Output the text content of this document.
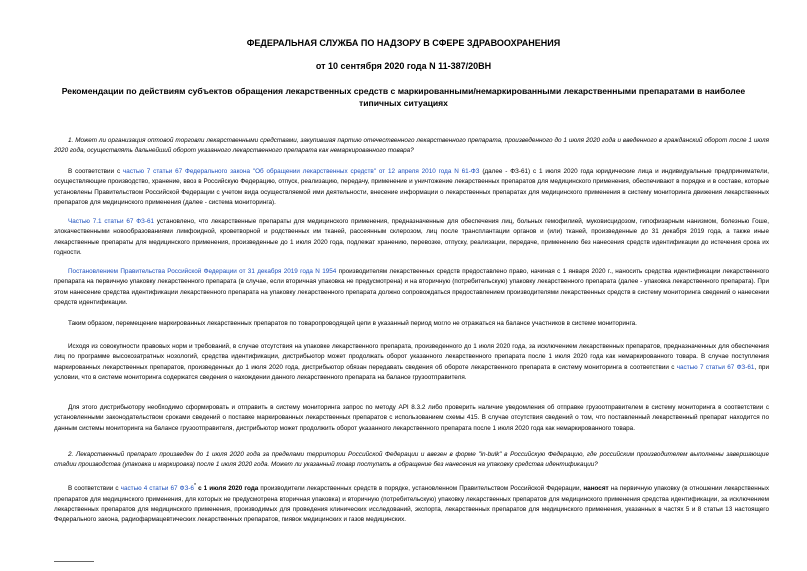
ФЕДЕРАЛЬНАЯ СЛУЖБА ПО НАДЗОРУ В СФЕРЕ ЗДРАВООХРАНЕНИЯ
от 10 сентября 2020 года N 11-387/20ВН
Рекомендации по действиям субъектов обращения лекарственных средств с маркированными/немаркированными лекарственными препаратами в наиболее
типичных ситуациях
1. Может ли организация оптовой торговли лекарственными средствами, закупившая партию отечественного лекарственного препарата, произведенного до 1 июля 2020 года и введенного в гражданский оборот после 1 июля 2020 года, осуществлять дальнейший оборот указанного лекарственного препарата как немаркированного товара?
В соответствии с частью 7 статьи 67 Федерального закона "Об обращении лекарственных средств" от 12 апреля 2010 года N 61-ФЗ (далее - ФЗ-61) с 1 июля 2020 года юридические лица и индивидуальные предприниматели, осуществляющие производство, хранение, ввоз в Российскую Федерацию, отпуск, реализацию, передачу, применение и уничтожение лекарственных препаратов для медицинского применения, обеспечивают в порядке и в составе, которые установлены Правительством Российской Федерации с учетом вида осуществляемой ими деятельности, внесение информации о лекарственных препаратах для медицинского применения в систему мониторинга движения лекарственных препаратов для медицинского применения (далее - система мониторинга).
Частью 7.1 статьи 67 ФЗ-61 установлено, что лекарственные препараты для медицинского применения, предназначенные для обеспечения лиц, больных гемофилией, муковисцидозом, гипофизарным нанизмом, болезнью Гоше, злокачественными новообразованиями лимфоидной, кроветворной и родственных им тканей, рассеянным склерозом, лиц после трансплантации органов и (или) тканей, произведенные до 31 декабря 2019 года, а также иные лекарственные препараты для медицинского применения, произведенные до 1 июля 2020 года, подлежат хранению, перевозке, отпуску, реализации, передаче, применению без нанесения средств идентификации до истечения срока их годности.
Постановлением Правительства Российской Федерации от 31 декабря 2019 года N 1954 производителям лекарственных средств предоставлено право, начиная с 1 января 2020 г., наносить средства идентификации лекарственного препарата на первичную упаковку лекарственного препарата (в случае, если вторичная упаковка не предусмотрена) и на вторичную (потребительскую) упаковку лекарственного препарата (далее - упаковка лекарственного препарата). При этом нанесение средства идентификации лекарственного препарата на упаковку лекарственного препарата должно сопровождаться предоставлением производителями лекарственных средств в систему мониторинга сведений о нанесении средств идентификации.
Таким образом, перемещение маркированных лекарственных препаратов по товаропроводящей цепи в указанный период могло не отражаться на балансе участников в системе мониторинга.
Исходя из совокупности правовых норм и требований, в случае отсутствия на упаковке лекарственного препарата, произведенного до 1 июля 2020 года, за исключением лекарственных препаратов, предназначенных для обеспечения лиц по программе высокозатратных нозологий, средства идентификации, дистрибьютор может продолжать оборот указанного лекарственного препарата после 1 июля 2020 года как немаркированного товара. В случае поступления маркированных лекарственных препаратов, произведенных до 1 июля 2020 года, дистрибьютор обязан передавать сведения об обороте лекарственного препарата в систему мониторинга в соответствии с частью 7 статьи 67 ФЗ-61, при условии, что в системе мониторинга содержатся сведения о нахождении данного лекарственного препарата на балансе грузоотправителя.
Для этого дистрибьютору необходимо сформировать и отправить в систему мониторинга запрос по методу API 8.3.2 либо проверить наличие уведомления об отправке грузоотправителем в систему мониторинга в соответствии с установленными законодательством сроками сведений о поставке маркированных лекарственных препаратов с использованием схемы 415. В случае отсутствия сведений о том, что поставленный лекарственный препарат находится по данным системы мониторинга на балансе грузоотправителя, дистрибьютор может продолжить оборот указанного лекарственного препарата после 1 июля 2020 года как немаркированного товара.
2. Лекарственный препарат произведен до 1 июля 2020 года за пределами территории Российской Федерации и ввезен в форме "in-bulk" в Российскую Федерацию, где российским производителем выполнены завершающие стадии производства (упаковка и маркировка) после 1 июля 2020 года. Может ли указанный товар поступать в обращение без нанесения на упаковку средства идентификации?
В соответствии с частью 4 статьи 67 ФЗ-6* с 1 июля 2020 года производители лекарственных средств в порядке, установленном Правительством Российской Федерации, наносят на первичную упаковку (в отношении лекарственных препаратов для медицинского применения, для которых не предусмотрена вторичная упаковка) и вторичную (потребительскую) упаковку лекарственных препаратов для медицинского применения средства идентификации, за исключением лекарственных препаратов для медицинского применения, производимых для проведения клинических исследований, экспорта, лекарственных препаратов для медицинского применения, указанных в частях 5 и 8 статьи 13 настоящего Федерального закона, радиофармацевтических лекарственных препаратов, пиявок медицинских и газов медицинских.
